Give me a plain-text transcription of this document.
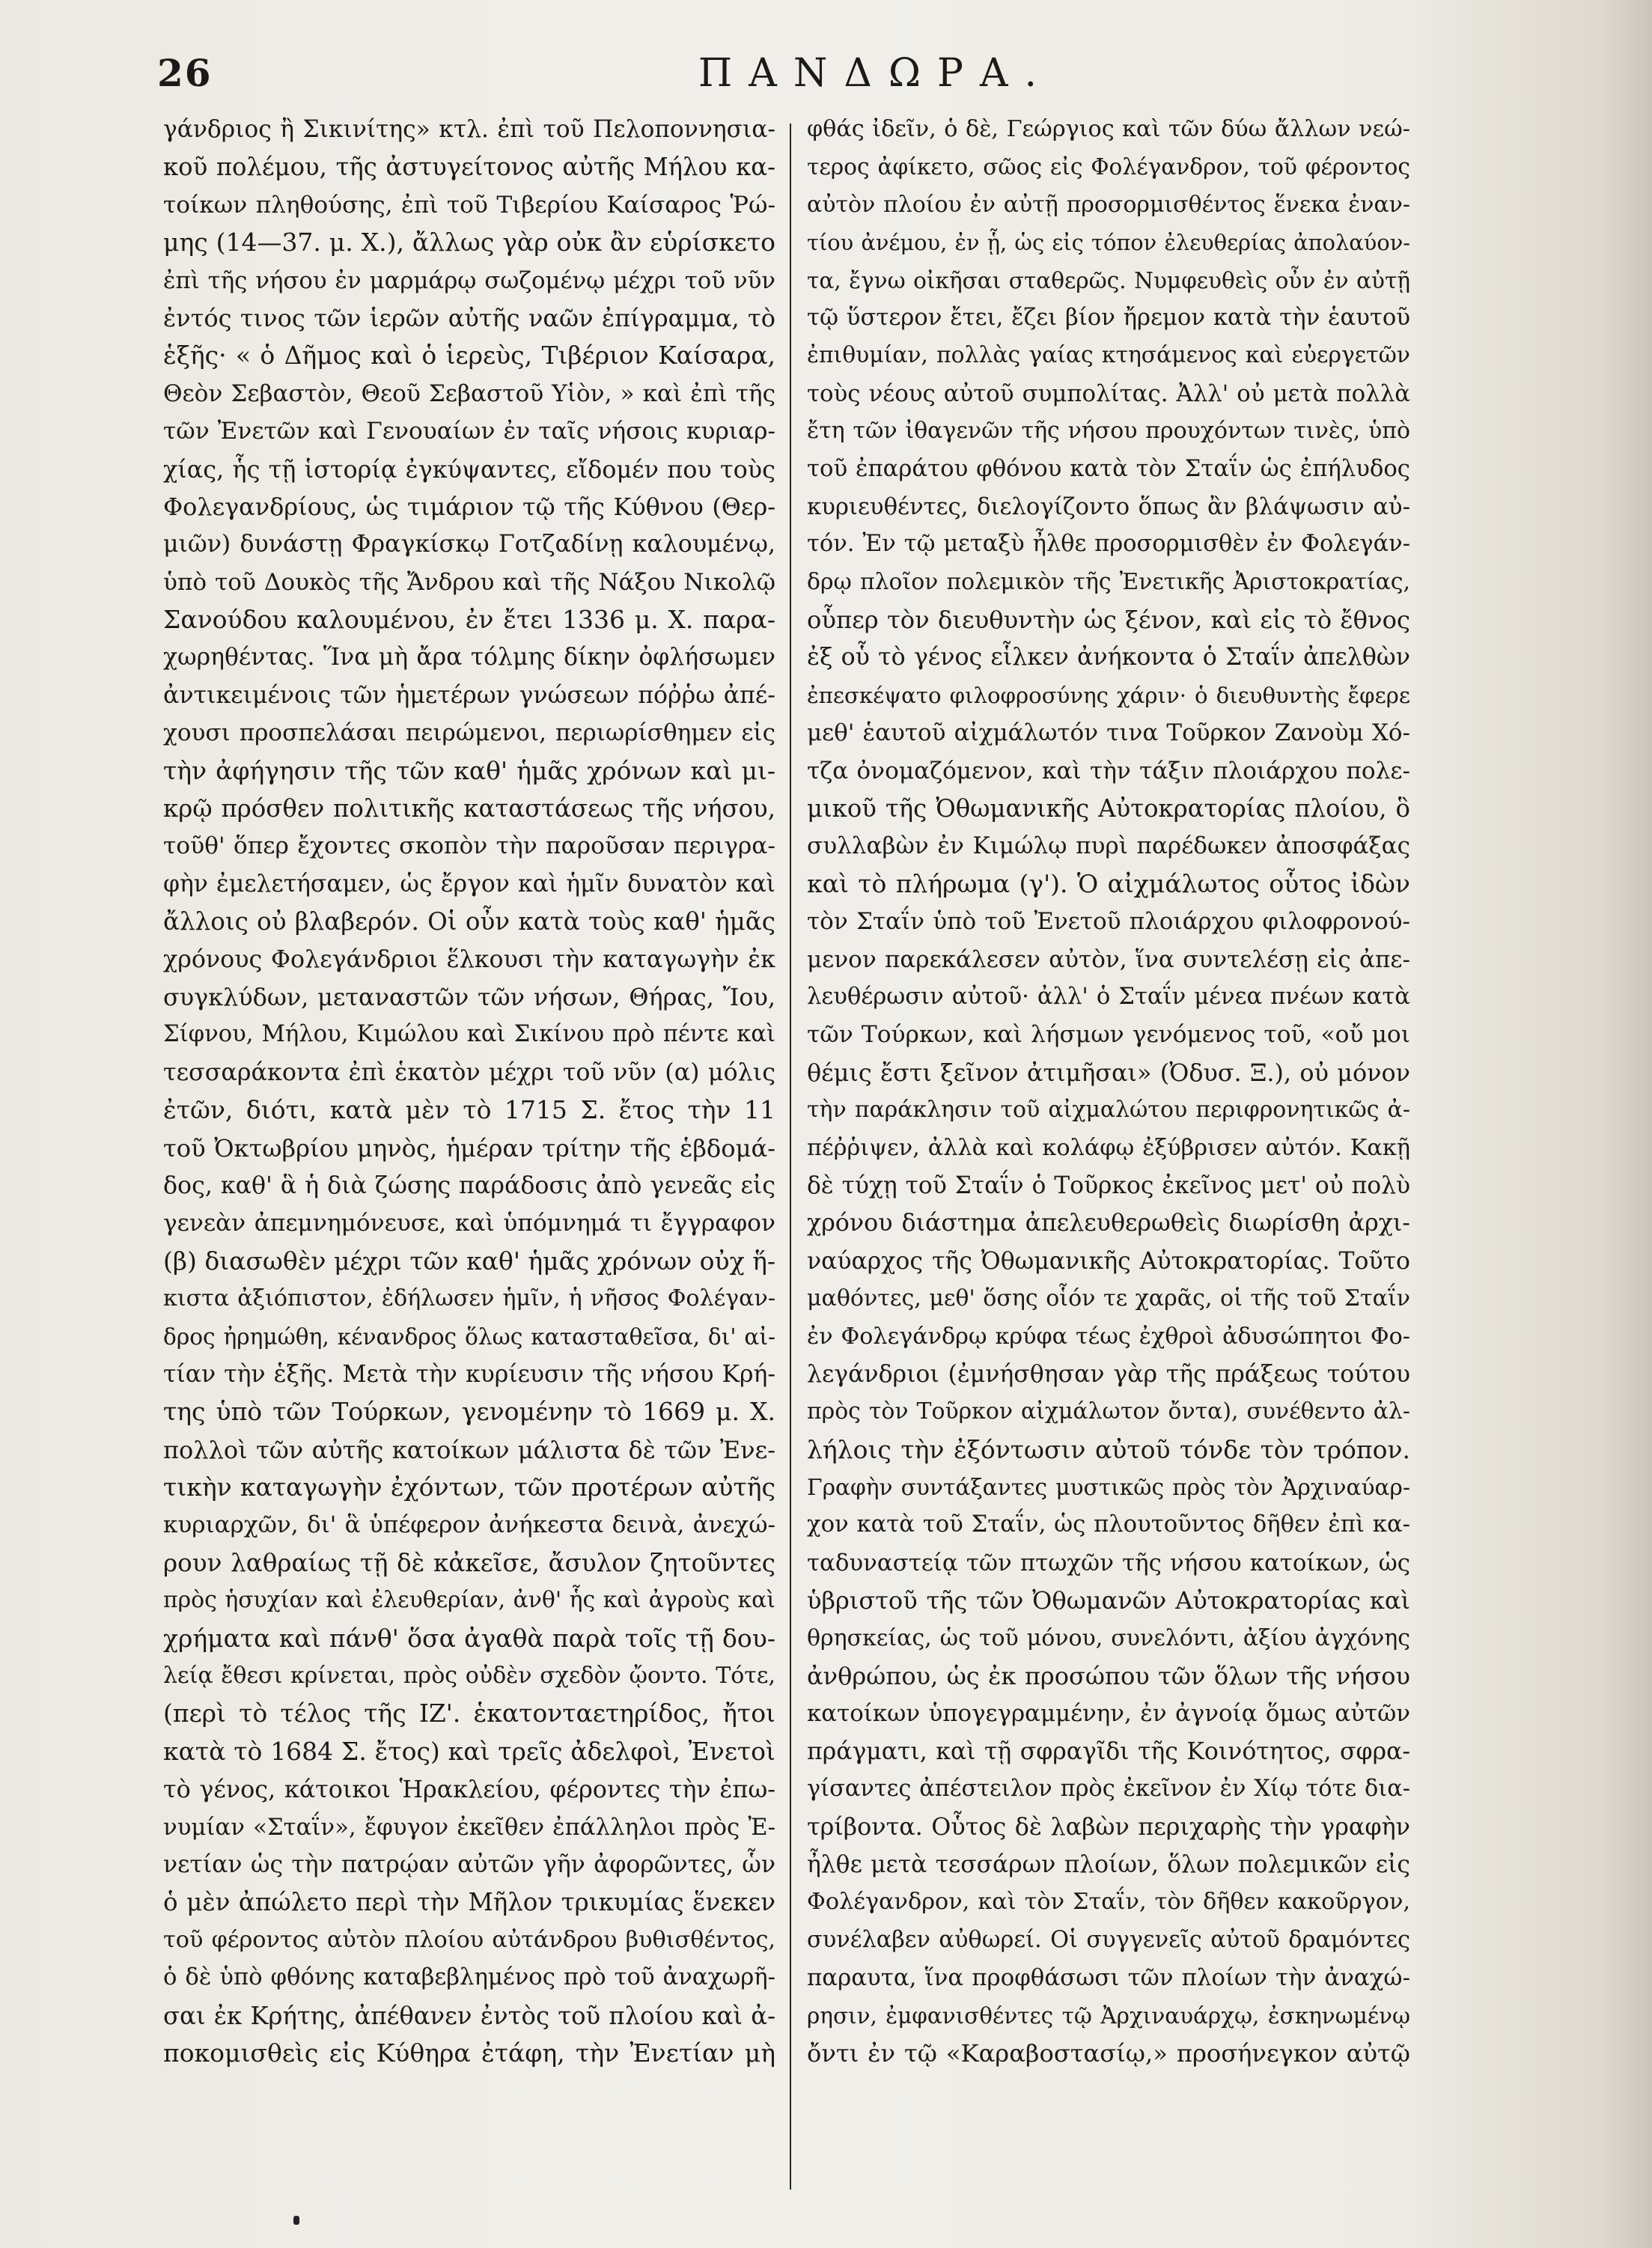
26	ΠΑΝΔΩΡΑ.
γάνδριος ἢ Σικινίτης» κτλ. ἐπὶ τοῦ Πελοποννησια-
κοῦ πολέμου, τῆς ἀστυγείτονος αὐτῆς Μήλου κα-
τοίκων πληθούσης, ἐπὶ τοῦ Τιβερίου Καίσαρος Ῥώ-
μης (14—37. μ. Χ.), ἄλλως γὰρ οὐκ ἂν εὑρίσκετο
ἐπὶ τῆς νήσου ἐν μαρμάρῳ σωζομένῳ μέχρι τοῦ νῦν
ἐντός τινος τῶν ἱερῶν αὐτῆς ναῶν ἐπίγραμμα, τὸ
ἑξῆς· « ὁ Δῆμος καὶ ὁ ἱερεὺς, Τιβέριον Καίσαρα,
Θεὸν Σεβαστὸν, Θεοῦ Σεβαστοῦ Υἱὸν, » καὶ ἐπὶ τῆς
τῶν Ἐνετῶν καὶ Γενουαίων ἐν ταῖς νήσοις κυριαρ-
χίας, ἧς τῇ ἱστορίᾳ ἐγκύψαντες, εἴδομέν που τοὺς
Φολεγανδρίους, ὡς τιμάριον τῷ τῆς Κύθνου (Θερ-
μιῶν) δυνάστῃ Φραγκίσκῳ Γοτζαδίνῃ καλουμένῳ,
ὑπὸ τοῦ Δουκὸς τῆς Ἄνδρου καὶ τῆς Νάξου Νικολῷ
Σανούδου καλουμένου, ἐν ἔτει 1336 μ. Χ. παρα-
χωρηθέντας. Ἵνα μὴ ἄρα τόλμης δίκην ὀφλήσωμεν
ἀντικειμένοις τῶν ἡμετέρων γνώσεων πόῤῥω ἀπέ-
χουσι προσπελάσαι πειρώμενοι, περιωρίσθημεν εἰς
τὴν ἀφήγησιν τῆς τῶν καθ' ἡμᾶς χρόνων καὶ μι-
κρῷ πρόσθεν πολιτικῆς καταστάσεως τῆς νήσου,
τοῦθ' ὅπερ ἔχοντες σκοπὸν τὴν παροῦσαν περιγρα-
φὴν ἐμελετήσαμεν, ὡς ἔργον καὶ ἡμῖν δυνατὸν καὶ
ἄλλοις οὐ βλαβερόν. Οἱ οὖν κατὰ τοὺς καθ' ἡμᾶς
χρόνους Φολεγάνδριοι ἕλκουσι τὴν καταγωγὴν ἐκ
συγκλύδων, μεταναστῶν τῶν νήσων, Θήρας, Ἴου,
Σίφνου, Μήλου, Κιμώλου καὶ Σικίνου πρὸ πέντε καὶ
τεσσαράκοντα ἐπὶ ἑκατὸν μέχρι τοῦ νῦν (α) μόλις
ἐτῶν, διότι, κατὰ μὲν τὸ 1715 Σ. ἔτος τὴν 11
τοῦ Ὀκτωβρίου μηνὸς, ἡμέραν τρίτην τῆς ἑβδομά-
δος, καθ' ἃ ἡ διὰ ζώσης παράδοσις ἀπὸ γενεᾶς εἰς
γενεὰν ἀπεμνημόνευσε, καὶ ὑπόμνημά τι ἔγγραφον
(β) διασωθὲν μέχρι τῶν καθ' ἡμᾶς χρόνων οὐχ ἥ-
κιστα ἀξιόπιστον, ἐδήλωσεν ἡμῖν, ἡ νῆσος Φολέγαν-
δρος ἠρημώθη, κένανδρος ὅλως κατασταθεῖσα, δι' αἰ-
τίαν τὴν ἑξῆς. Μετὰ τὴν κυρίευσιν τῆς νήσου Κρή-
της ὑπὸ τῶν Τούρκων, γενομένην τὸ 1669 μ. Χ.
πολλοὶ τῶν αὐτῆς κατοίκων μάλιστα δὲ τῶν Ἐνε-
τικὴν καταγωγὴν ἐχόντων, τῶν προτέρων αὐτῆς
κυριαρχῶν, δι' ἃ ὑπέφερον ἀνήκεστα δεινὰ, ἀνεχώ-
ρουν λαθραίως τῇ δὲ κἀκεῖσε, ἄσυλον ζητοῦντες
πρὸς ἡσυχίαν καὶ ἐλευθερίαν, ἀνθ' ἧς καὶ ἀγροὺς καὶ
χρήματα καὶ πάνθ' ὅσα ἀγαθὰ παρὰ τοῖς τῇ δου-
λείᾳ ἔθεσι κρίνεται, πρὸς οὐδὲν σχεδὸν ᾤοντο. Τότε,
(περὶ τὸ τέλος τῆς ΙΖ'. ἑκατονταετηρίδος, ἤτοι
κατὰ τὸ 1684 Σ. ἔτος) καὶ τρεῖς ἀδελφοὶ, Ἐνετοὶ
τὸ γένος, κάτοικοι Ἡρακλείου, φέροντες τὴν ἐπω-
νυμίαν «Σταΐν», ἔφυγον ἐκεῖθεν ἐπάλληλοι πρὸς Ἐ-
νετίαν ὡς τὴν πατρῴαν αὐτῶν γῆν ἀφορῶντες, ὧν
ὁ μὲν ἀπώλετο περὶ τὴν Μῆλον τρικυμίας ἕνεκεν
τοῦ φέροντος αὐτὸν πλοίου αὐτάνδρου βυθισθέντος,
ὁ δὲ ὑπὸ φθόνης καταβεβλημένος πρὸ τοῦ ἀναχωρῆ-
σαι ἐκ Κρήτης, ἀπέθανεν ἐντὸς τοῦ πλοίου καὶ ἀ-
ποκομισθεὶς εἰς Κύθηρα ἐτάφη, τὴν Ἐνετίαν μὴ
φθάς ἰδεῖν, ὁ δὲ, Γεώργιος καὶ τῶν δύω ἄλλων νεώ-
τερος ἀφίκετο, σῶος εἰς Φολέγανδρον, τοῦ φέροντος
αὐτὸν πλοίου ἐν αὐτῇ προσορμισθέντος ἕνεκα ἐναν-
τίου ἀνέμου, ἐν ᾗ, ὡς εἰς τόπον ἐλευθερίας ἀπολαύον-
τα, ἔγνω οἰκῆσαι σταθερῶς. Νυμφευθεὶς οὖν ἐν αὐτῇ
τῷ ὕστερον ἔτει, ἔζει βίον ἤρεμον κατὰ τὴν ἑαυτοῦ
ἐπιθυμίαν, πολλὰς γαίας κτησάμενος καὶ εὐεργετῶν
τοὺς νέους αὐτοῦ συμπολίτας. Ἀλλ' οὐ μετὰ πολλὰ
ἔτη τῶν ἰθαγενῶν τῆς νήσου προυχόντων τινὲς, ὑπὸ
τοῦ ἐπαράτου φθόνου κατὰ τὸν Σταΐν ὡς ἐπήλυδος
κυριευθέντες, διελογίζοντο ὅπως ἂν βλάψωσιν αὐ-
τόν. Ἐν τῷ μεταξὺ ἦλθε προσορμισθὲν ἐν Φολεγάν-
δρῳ πλοῖον πολεμικὸν τῆς Ἐνετικῆς Ἀριστοκρατίας,
οὗπερ τὸν διευθυντὴν ὡς ξένον, καὶ εἰς τὸ ἔθνος
ἐξ οὗ τὸ γένος εἷλκεν ἀνήκοντα ὁ Σταΐν ἀπελθὼν
ἐπεσκέψατο φιλοφροσύνης χάριν· ὁ διευθυντὴς ἔφερε
μεθ' ἑαυτοῦ αἰχμάλωτόν τινα Τοῦρκον Ζανοὺμ Χό-
τζα ὀνομαζόμενον, καὶ τὴν τάξιν πλοιάρχου πολε-
μικοῦ τῆς Ὀθωμανικῆς Αὐτοκρατορίας πλοίου, ὃ
συλλαβὼν ἐν Κιμώλῳ πυρὶ παρέδωκεν ἀποσφάξας
καὶ τὸ πλήρωμα (γ'). Ὁ αἰχμάλωτος οὗτος ἰδὼν
τὸν Σταΐν ὑπὸ τοῦ Ἐνετοῦ πλοιάρχου φιλοφρονού-
μενον παρεκάλεσεν αὐτὸν, ἵνα συντελέσῃ εἰς ἀπε-
λευθέρωσιν αὐτοῦ· ἀλλ' ὁ Σταΐν μένεα πνέων κατὰ
τῶν Τούρκων, καὶ λήσμων γενόμενος τοῦ, «οὔ μοι
θέμις ἔστι ξεῖνον ἀτιμῆσαι» (Ὀδυσ. Ξ.), οὐ μόνον
τὴν παράκλησιν τοῦ αἰχμαλώτου περιφρονητικῶς ἀ-
πέῤῥιψεν, ἀλλὰ καὶ κολάφῳ ἐξύβρισεν αὐτόν. Κακῇ
δὲ τύχῃ τοῦ Σταΐν ὁ Τοῦρκος ἐκεῖνος μετ' οὐ πολὺ
χρόνου διάστημα ἀπελευθερωθεὶς διωρίσθη ἀρχι-
ναύαρχος τῆς Ὀθωμανικῆς Αὐτοκρατορίας. Τοῦτο
μαθόντες, μεθ' ὅσης οἷόν τε χαρᾶς, οἱ τῆς τοῦ Σταΐν
ἐν Φολεγάνδρῳ κρύφα τέως ἐχθροὶ ἀδυσώπητοι Φο-
λεγάνδριοι (ἐμνήσθησαν γὰρ τῆς πράξεως τούτου
πρὸς τὸν Τοῦρκον αἰχμάλωτον ὄντα), συνέθεντο ἀλ-
λήλοις τὴν ἐξόντωσιν αὐτοῦ τόνδε τὸν τρόπον.
Γραφὴν συντάξαντες μυστικῶς πρὸς τὸν Ἀρχιναύαρ-
χον κατὰ τοῦ Σταΐν, ὡς πλουτοῦντος δῆθεν ἐπὶ κα-
ταδυναστείᾳ τῶν πτωχῶν τῆς νήσου κατοίκων, ὡς
ὑβριστοῦ τῆς τῶν Ὀθωμανῶν Αὐτοκρατορίας καὶ
θρησκείας, ὡς τοῦ μόνου, συνελόντι, ἀξίου ἀγχόνης
ἀνθρώπου, ὡς ἐκ προσώπου τῶν ὅλων τῆς νήσου
κατοίκων ὑπογεγραμμένην, ἐν ἀγνοίᾳ ὅμως αὐτῶν
πράγματι, καὶ τῇ σφραγῖδι τῆς Κοινότητος, σφρα-
γίσαντες ἀπέστειλον πρὸς ἐκεῖνον ἐν Χίῳ τότε δια-
τρίβοντα. Οὗτος δὲ λαβὼν περιχαρὴς τὴν γραφὴν
ἦλθε μετὰ τεσσάρων πλοίων, ὅλων πολεμικῶν εἰς
Φολέγανδρον, καὶ τὸν Σταΐν, τὸν δῆθεν κακοῦργον,
συνέλαβεν αὐθωρεί. Οἱ συγγενεῖς αὐτοῦ δραμόντες
παραυτα, ἵνα προφθάσωσι τῶν πλοίων τὴν ἀναχώ-
ρησιν, ἐμφανισθέντες τῷ Ἀρχιναυάρχῳ, ἐσκηνωμένῳ
ὄντι ἐν τῷ «Καραβοστασίῳ,» προσήνεγκον αὐτῷ
